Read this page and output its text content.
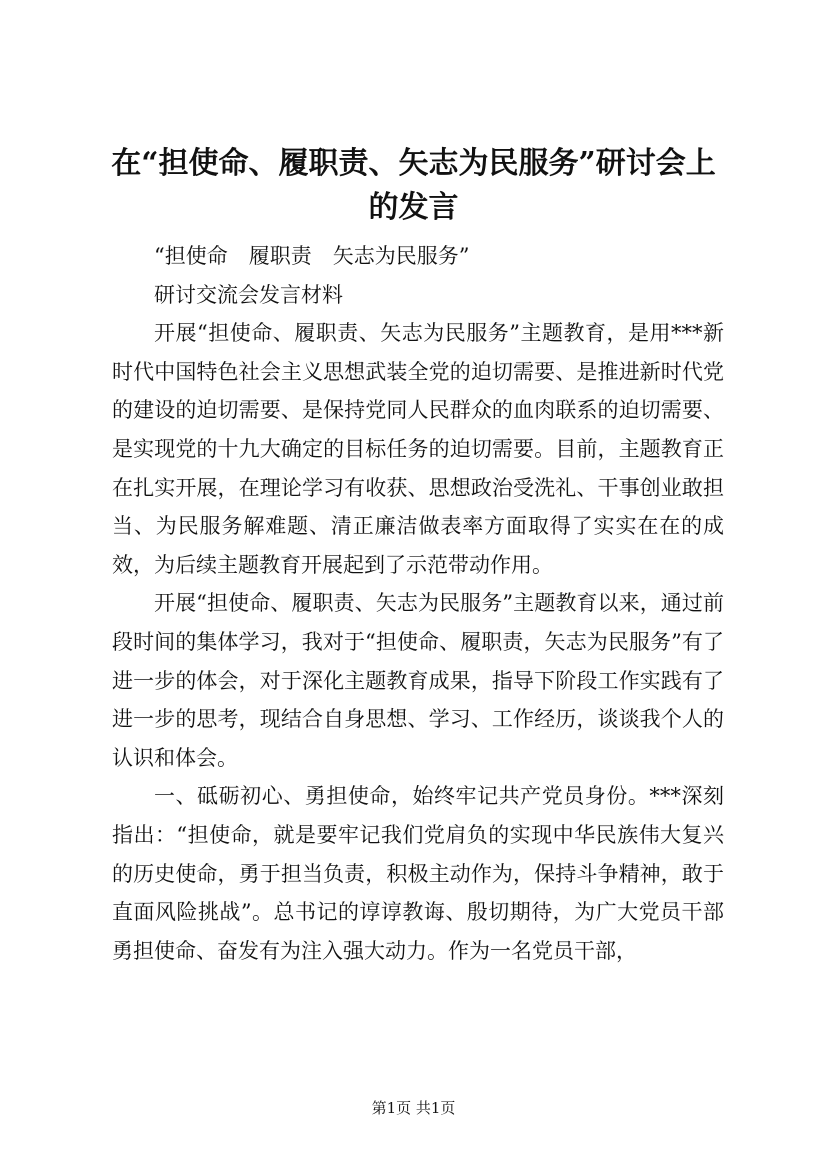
在“担使命、履职责、矢志为民服务”研讨会上的发言

“担使命　履职责　矢志为民服务”

研讨交流会发言材料

开展“担使命、履职责、矢志为民服务”主题教育，是用***新时代中国特色社会主义思想武装全党的迫切需要、是推进新时代党的建设的迫切需要、是保持党同人民群众的血肉联系的迫切需要、是实现党的十九大确定的目标任务的迫切需要。目前，主题教育正在扎实开展，在理论学习有收获、思想政治受洗礼、干事创业敢担当、为民服务解难题、清正廉洁做表率方面取得了实实在在的成效，为后续主题教育开展起到了示范带动作用。

开展“担使命、履职责、矢志为民服务”主题教育以来，通过前段时间的集体学习，我对于“担使命、履职责，矢志为民服务”有了进一步的体会，对于深化主题教育成果，指导下阶段工作实践有了进一步的思考，现结合自身思想、学习、工作经历，谈谈我个人的认识和体会。

一、砥砺初心、勇担使命，始终牢记共产党员身份。***深刻指出：“担使命，就是要牢记我们党肩负的实现中华民族伟大复兴的历史使命，勇于担当负责，积极主动作为，保持斗争精神，敢于直面风险挑战”。总书记的谆谆教诲、殷切期待，为广大党员干部勇担使命、奋发有为注入强大动力。作为一名党员干部，

第1页 共1页
